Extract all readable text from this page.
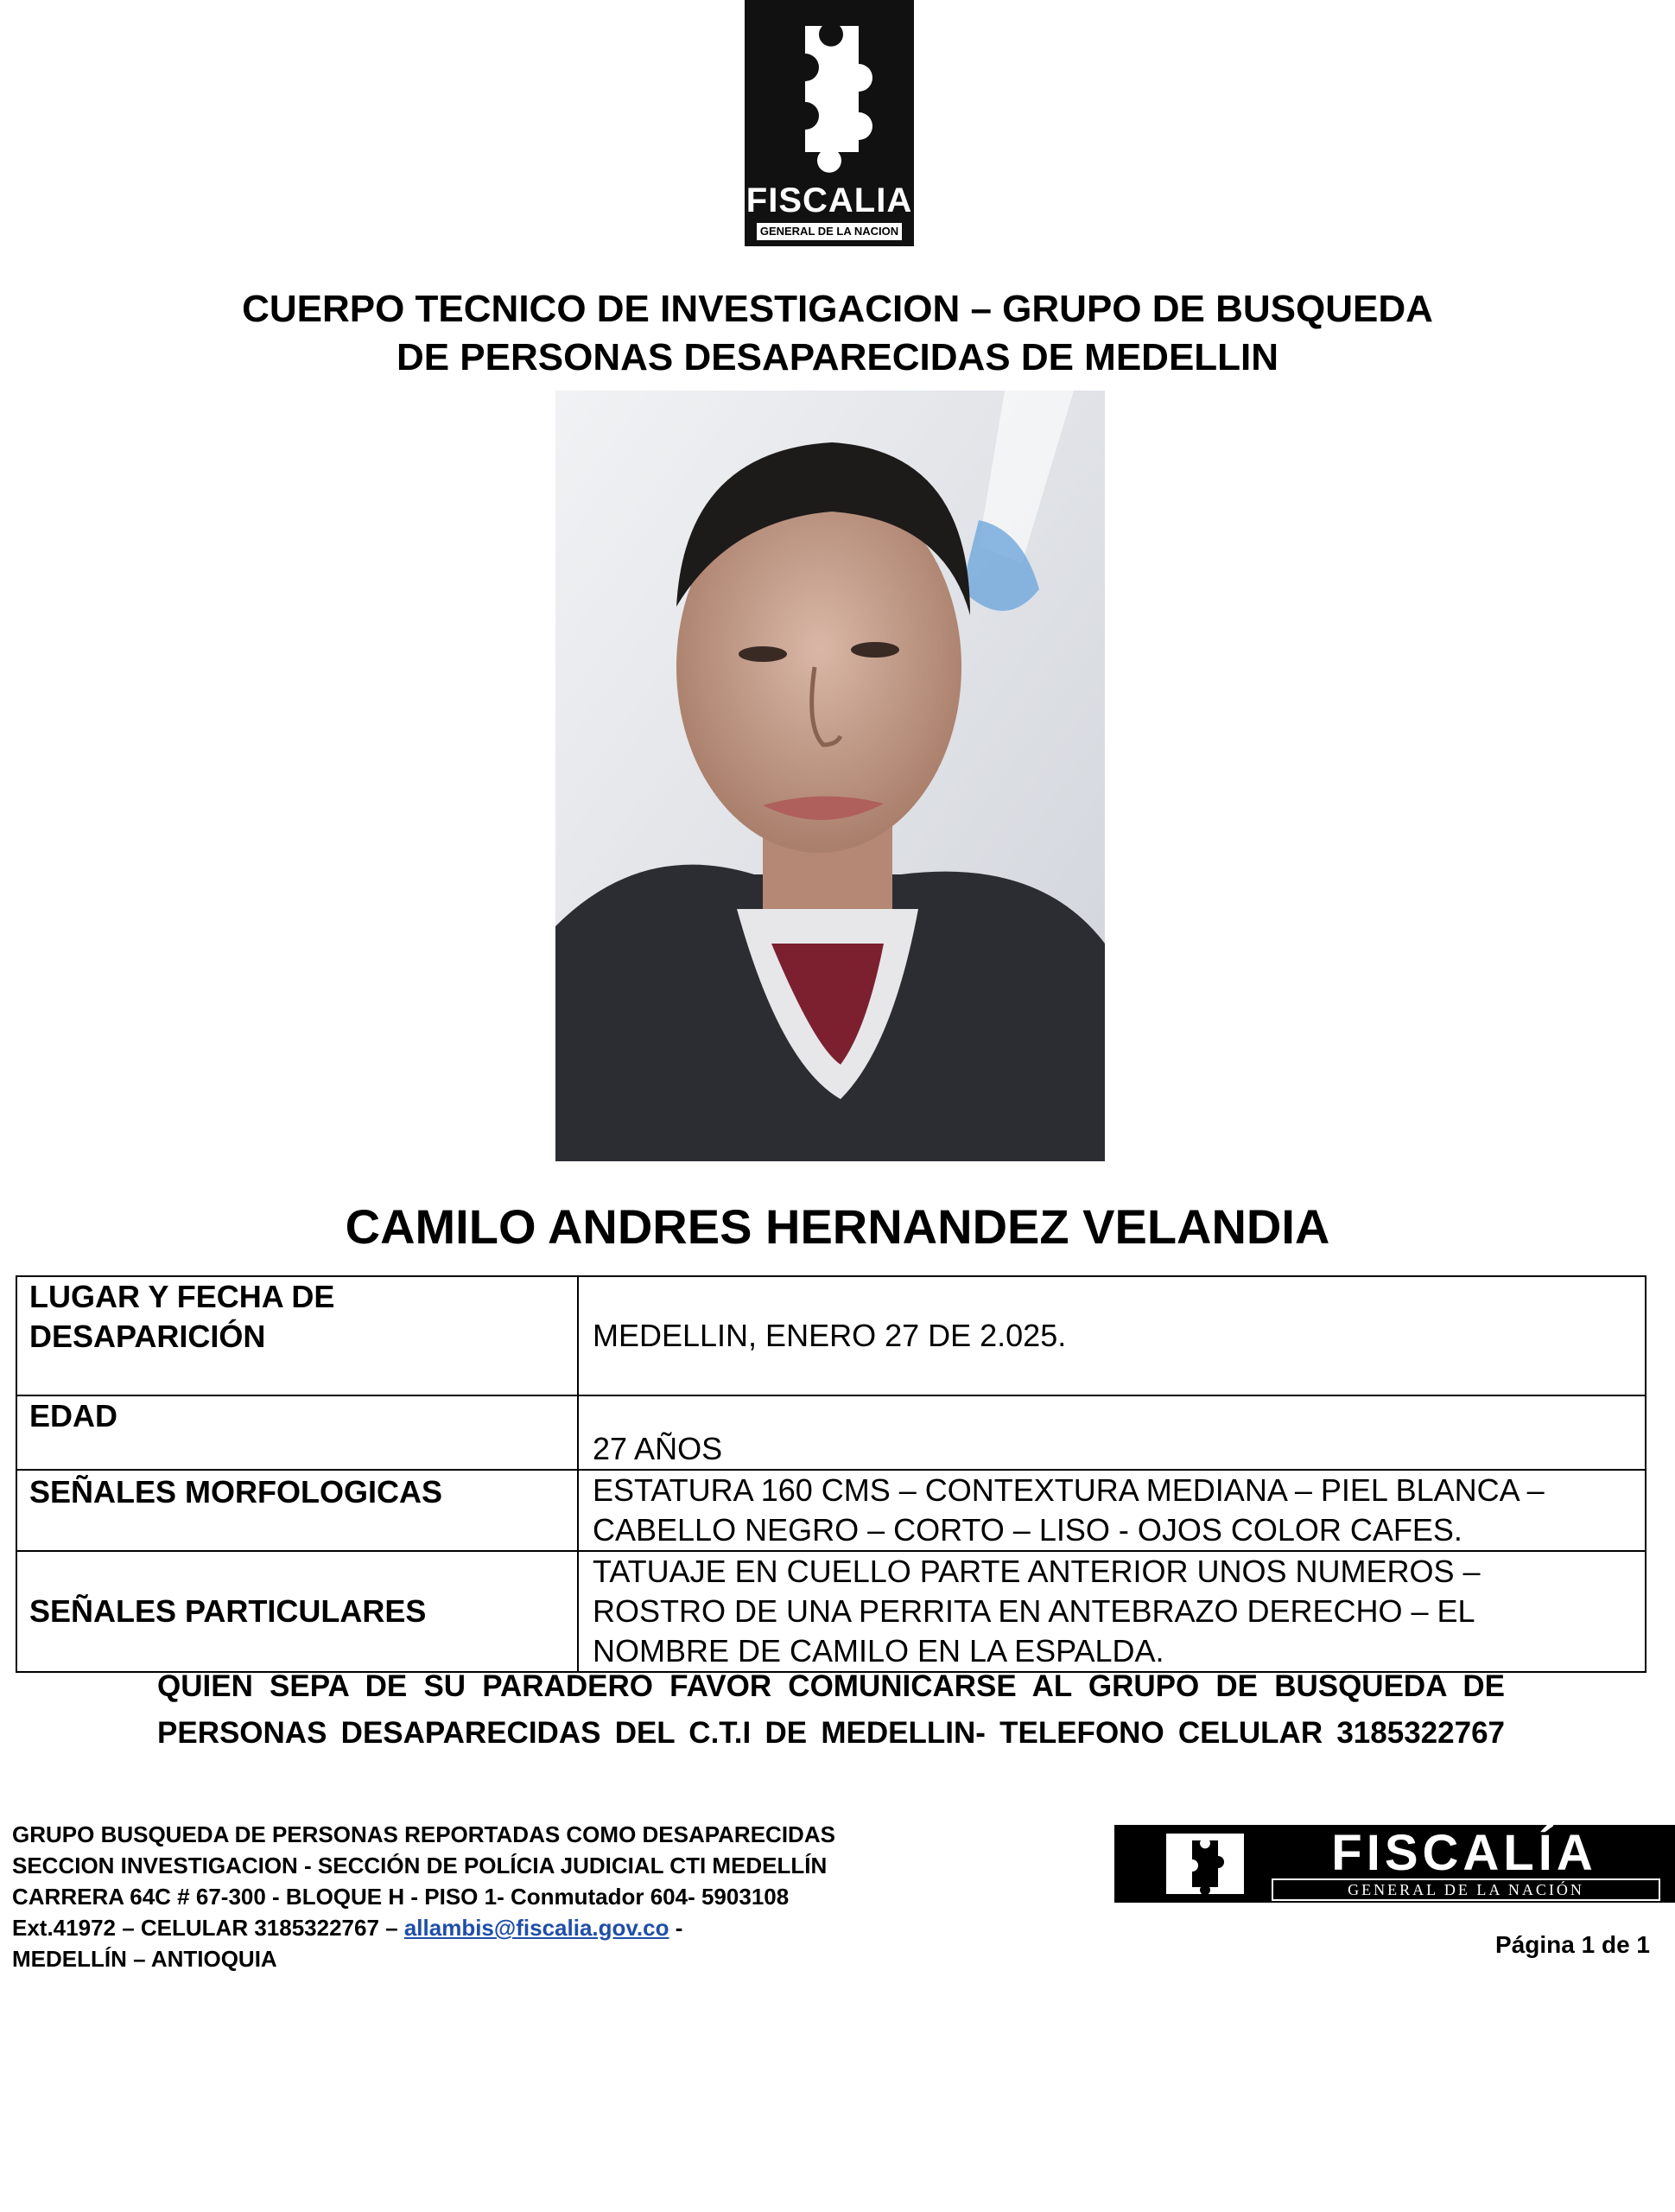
FISCALIA
GENERAL DE LA NACION
CUERPO TECNICO DE INVESTIGACION – GRUPO DE BUSQUEDA
DE PERSONAS DESAPARECIDAS DE MEDELLIN
CAMILO ANDRES HERNANDEZ VELANDIA
LUGAR Y FECHA DE
DESAPARICIÓN	MEDELLIN, ENERO 27 DE 2.025.

EDAD	27 AÑOS

SEÑALES MORFOLOGICAS	ESTATURA 160 CMS – CONTEXTURA MEDIANA – PIEL BLANCA –
CABELLO NEGRO – CORTO – LISO - OJOS COLOR CAFES.

SEÑALES PARTICULARES	TATUAJE EN CUELLO PARTE ANTERIOR UNOS NUMEROS –
ROSTRO DE UNA PERRITA EN ANTEBRAZO DERECHO – EL
NOMBRE DE CAMILO EN LA ESPALDA.
QUIEN SEPA DE SU PARADERO FAVOR COMUNICARSE AL GRUPO DE BUSQUEDA DE
PERSONAS DESAPARECIDAS DEL C.T.I DE MEDELLIN- TELEFONO CELULAR 3185322767
GRUPO BUSQUEDA DE PERSONAS REPORTADAS COMO DESAPARECIDAS
SECCION INVESTIGACION - SECCIÓN DE POLÍCIA JUDICIAL CTI MEDELLÍN
CARRERA 64C # 67-300 - BLOQUE H - PISO 1- Conmutador 604- 5903108
Ext.41972 – CELULAR 3185322767 – allambis@fiscalia.gov.co -
MEDELLÍN – ANTIOQUIA
FISCALÍA
GENERAL DE LA NACIÓN
Página 1 de 1
